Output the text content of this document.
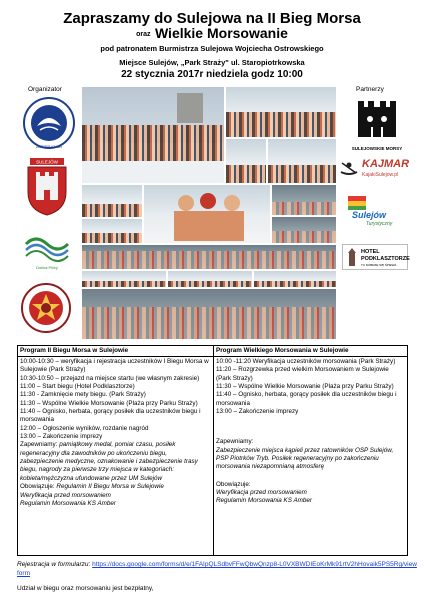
Zapraszamy do Sulejowa na II Bieg Morsa
oraz Wielkie Morsowanie
pod patronatem Burmistrza Sulejowa Wojciecha Ostrowskiego
Miejsce Sulejów, „Park Straży" ul. Staropiotrkowska
22 stycznia 2017r niedziela godz 10:00
Organizator
AMBER KLUB
SULEJÓW
Dolina Pilicy
Partnerzy
SULEJOWSKIE MORSY
KAJMAR
KajakiSulejow.pl
Sulejów
Turystyczny
HOTEL PODKLASZTORZE
TU DOBRZE SIĘ ŚPIEWA
Program II Biegu Morsa w Sulejowie

10:00-10:30 – weryfikacja i rejestracja uczestników I Biegu Morsa w Sulejowie (Park Straży)

10:30-10:50 – przejazd na miejsce startu (we własnym zakresie)

11:00 – Start biegu (Hotel Podklasztorze)

11:30 - Zamknięcie mety biegu. (Park Straży)

11:30 – Wspólne Wielkie Morsowanie (Plaża przy Parku Straży)

11:40 – Ognisko, herbata, gorący posiłek dla uczestników biegu i morsowania

12:00 – Ogłoszenie wyników, rozdanie nagród

13:00 – Zakończenie imprezy

Zapewniamy: pamiątkowy medal, pomiar czasu, posiłek regeneracyjny dla zawodników po ukończeniu biegu, zabezpieczenie medyczne, oznakowanie i zabezpieczenie trasy biegu, nagrody za pierwsze trzy miejsca w kategoriach: kobieta/mężczyzna ufundowane przez UM Sulejów

Obowiązuje: Regulamin II Biegu Morsa w Sulejowie

Weryfikacja przed morsowaniem

Regulamin Morsowania KS Amber

Program Wielkiego Morsowania w Sulejowie

10:00 -11:20 Weryfikacja uczestników morsowania (Park Straży)

11:20 – Rozgrzewka przed wielkim Morsowaniem w Sulejowie (Park Straży)

11:30 – Wspólne Wielkie Morsowanie (Plaża przy Parku Straży)

11:40 – Ognisko, herbata, gorący posiłek dla uczestników biegu i morsowania

13:00 – Zakończenie imprezy

Zapewniamy:

Zabezpieczenie miejsca kąpieli przez ratowników OSP Sulejów, PSP Piotrków Tryb. Posiłek regeneracyjny po zakończeniu morsowania niezapomnianą atmosferę

Obowiązuje:

Weryfikacja przed morsowaniem

Regulamin Morsowania KS Amber

Rejestracja w formularzu: https://docs.google.com/forms/d/e/1FAIpQLSdbvFFwQbwQnzp8-L0VXBWDIEoKrMk91rtV2hHovaik5PS5Rg/viewform
Udział w biegu oraz morsowaniu jest bezpłatny,
